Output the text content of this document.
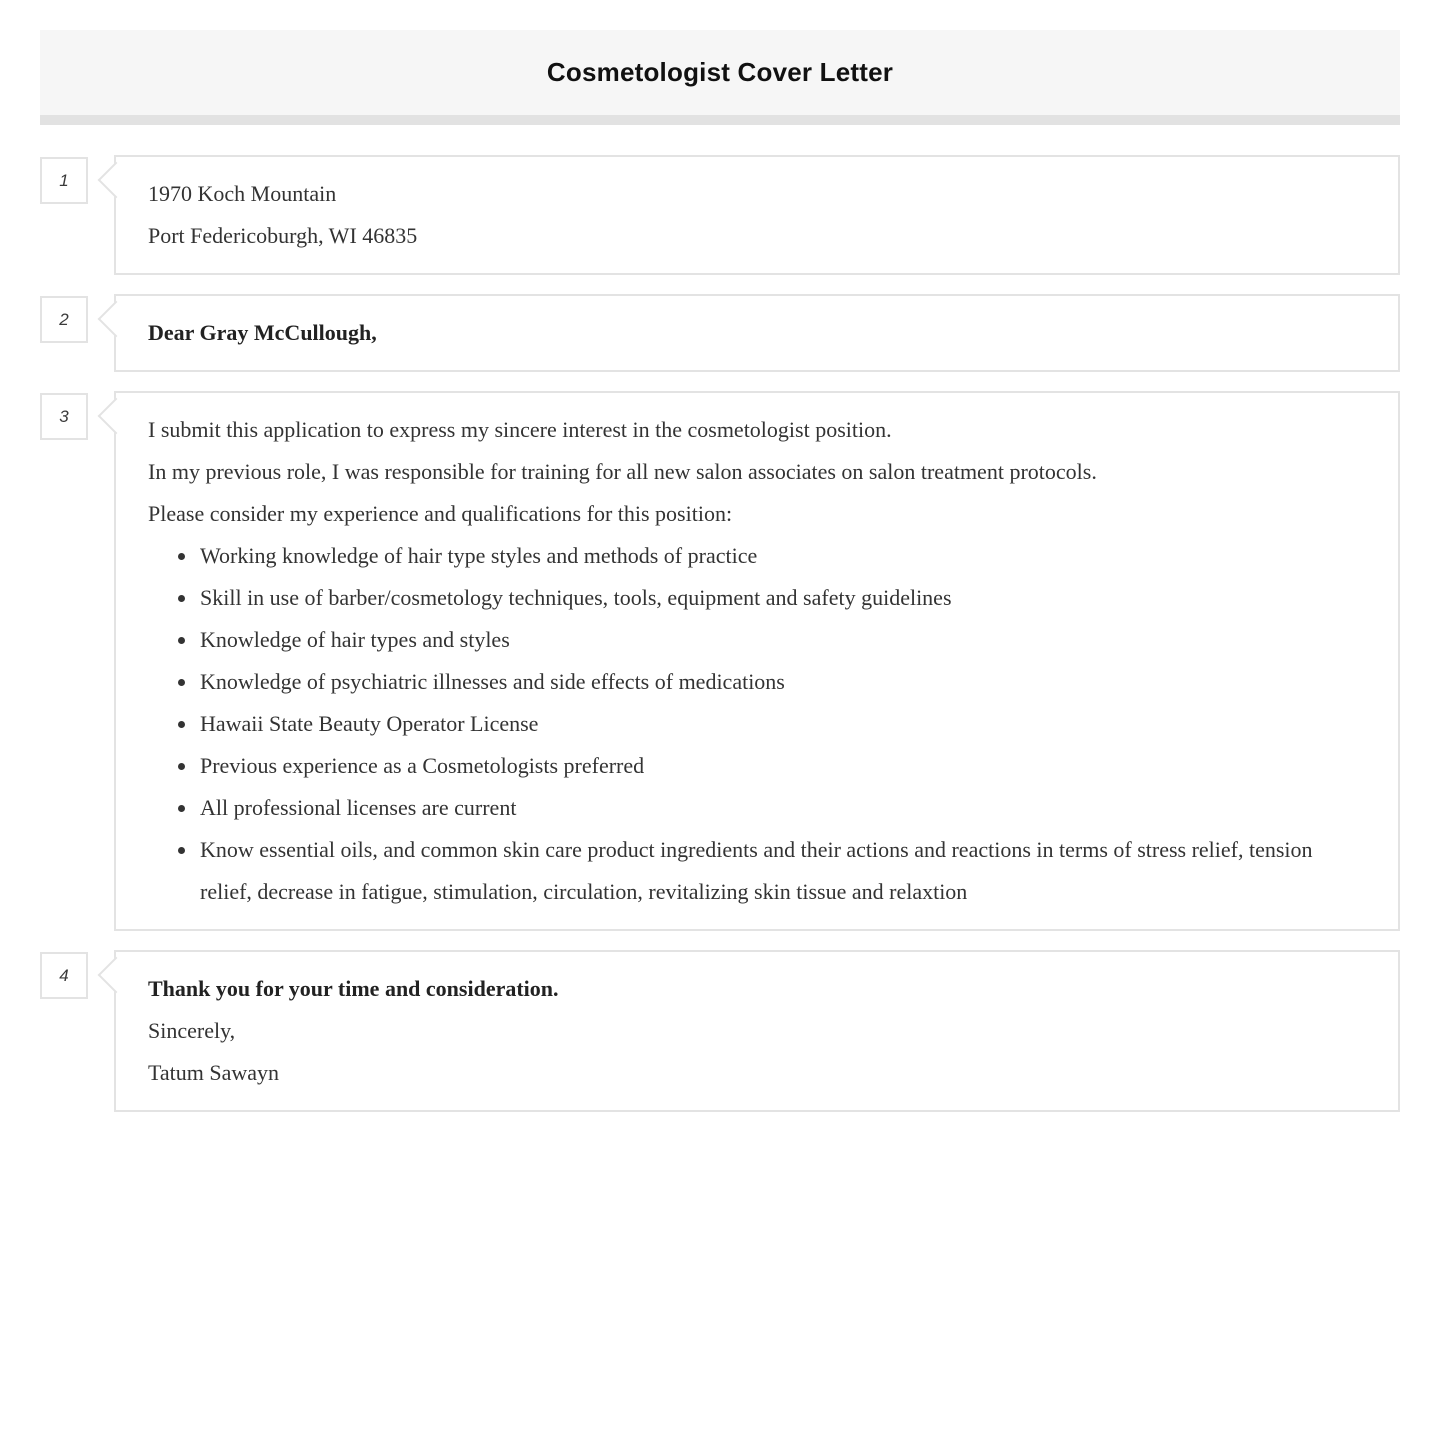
Cosmetologist Cover Letter
1
1970 Koch Mountain
Port Federicoburgh, WI 46835
2

Dear Gray McCullough,

3

I submit this application to express my sincere interest in the cosmetologist position.

In my previous role, I was responsible for training for all new salon associates on salon treatment protocols.

Please consider my experience and qualifications for this position:

• Working knowledge of hair type styles and methods of practice
• Skill in use of barber/cosmetology techniques, tools, equipment and safety guidelines
• Knowledge of hair types and styles
• Knowledge of psychiatric illnesses and side effects of medications
• Hawaii State Beauty Operator License
• Previous experience as a Cosmetologists preferred
• All professional licenses are current
• Know essential oils, and common skin care product ingredients and their actions and reactions in terms of stress relief, tension relief, decrease in fatigue, stimulation, circulation, revitalizing skin tissue and relaxtion
4

Thank you for your time and consideration.

Sincerely,

Tatum Sawayn
